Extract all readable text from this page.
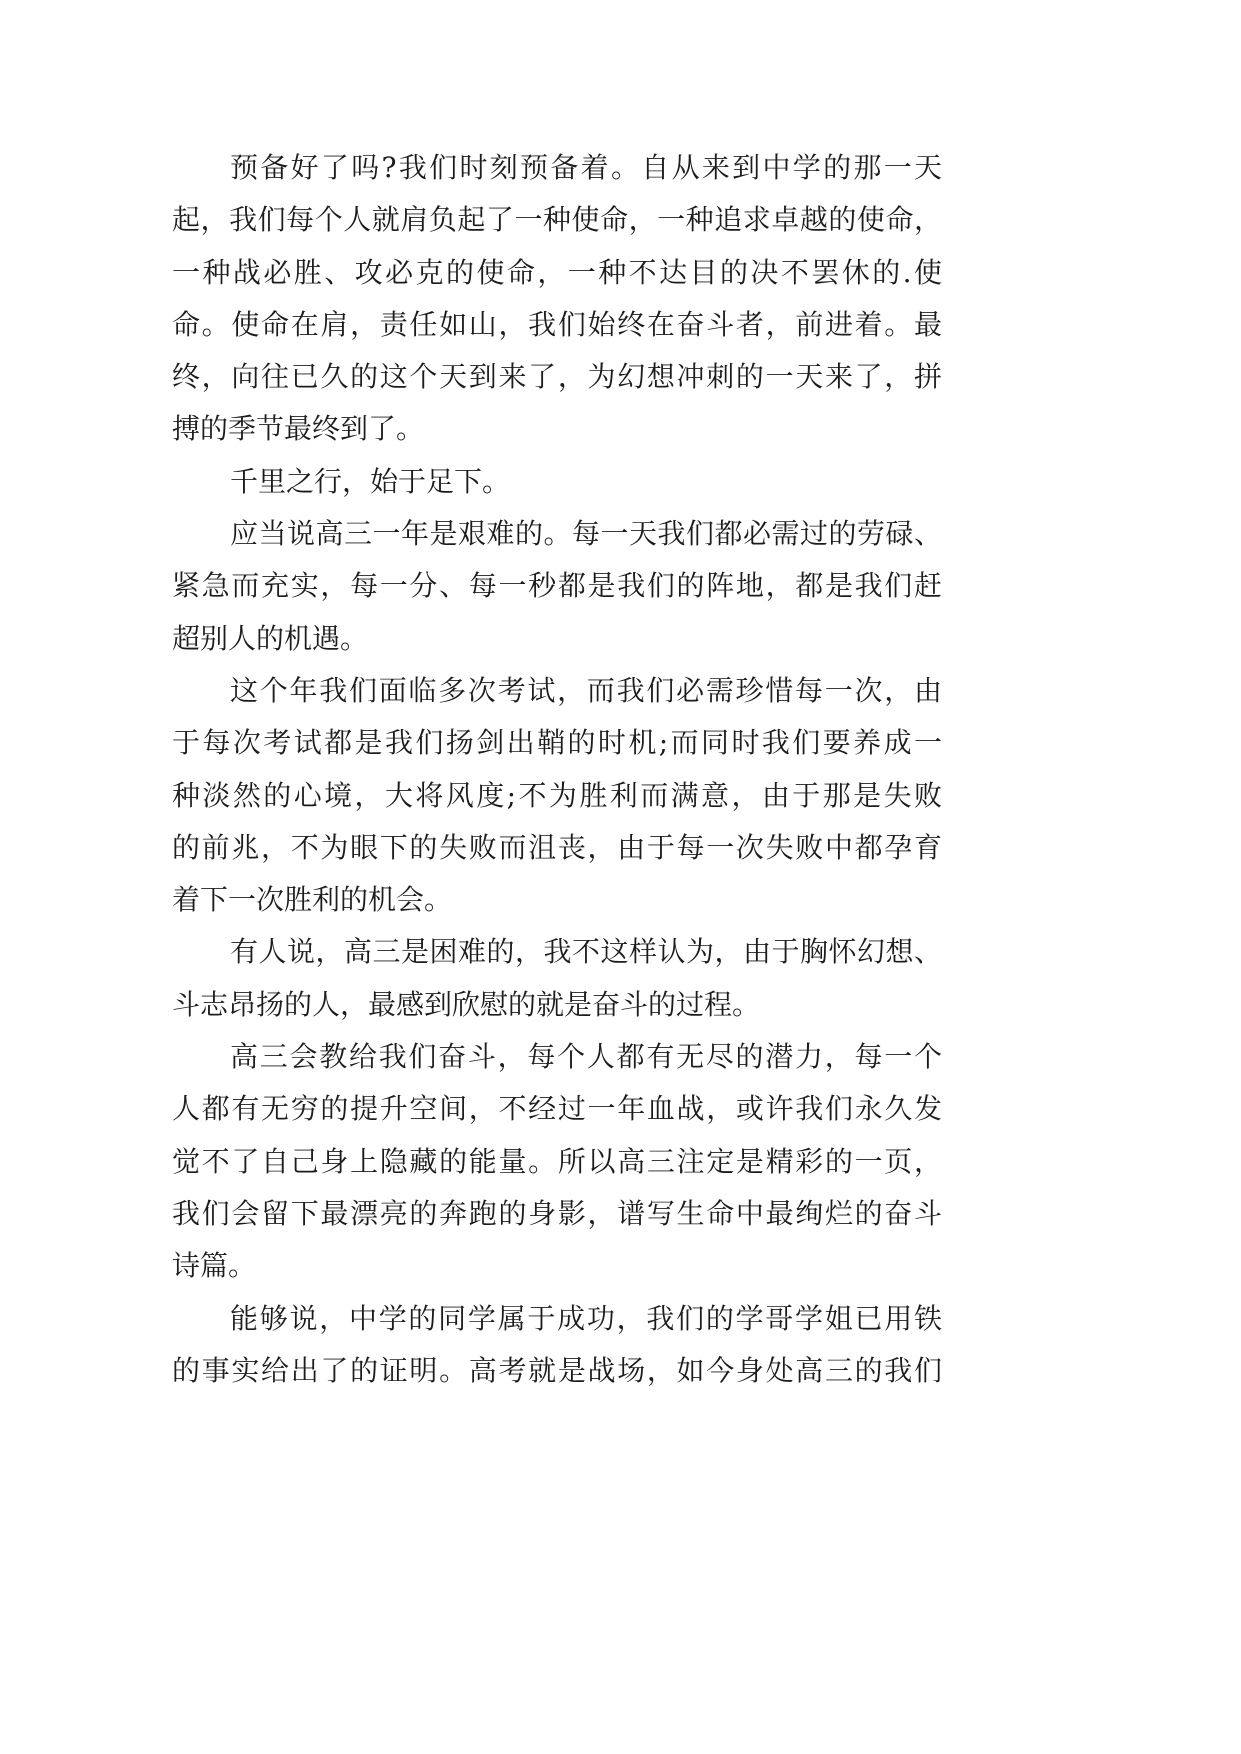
预备好了吗?我们时刻预备着。自从来到中学的那一天
起，我们每个人就肩负起了一种使命，一种追求卓越的使命，
一种战必胜、攻必克的使命，一种不达目的决不罢休的.使
命。使命在肩，责任如山，我们始终在奋斗者，前进着。最
终，向往已久的这个天到来了，为幻想冲刺的一天来了，拼
搏的季节最终到了。
千里之行，始于足下。
应当说高三一年是艰难的。每一天我们都必需过的劳碌、
紧急而充实，每一分、每一秒都是我们的阵地，都是我们赶
超别人的机遇。
这个年我们面临多次考试，而我们必需珍惜每一次，由
于每次考试都是我们扬剑出鞘的时机;而同时我们要养成一
种淡然的心境，大将风度;不为胜利而满意，由于那是失败
的前兆，不为眼下的失败而沮丧，由于每一次失败中都孕育
着下一次胜利的机会。
有人说，高三是困难的，我不这样认为，由于胸怀幻想、
斗志昂扬的人，最感到欣慰的就是奋斗的过程。
高三会教给我们奋斗，每个人都有无尽的潜力，每一个
人都有无穷的提升空间，不经过一年血战，或许我们永久发
觉不了自己身上隐藏的能量。所以高三注定是精彩的一页，
我们会留下最漂亮的奔跑的身影，谱写生命中最绚烂的奋斗
诗篇。
能够说，中学的同学属于成功，我们的学哥学姐已用铁
的事实给出了的证明。高考就是战场，如今身处高三的我们
